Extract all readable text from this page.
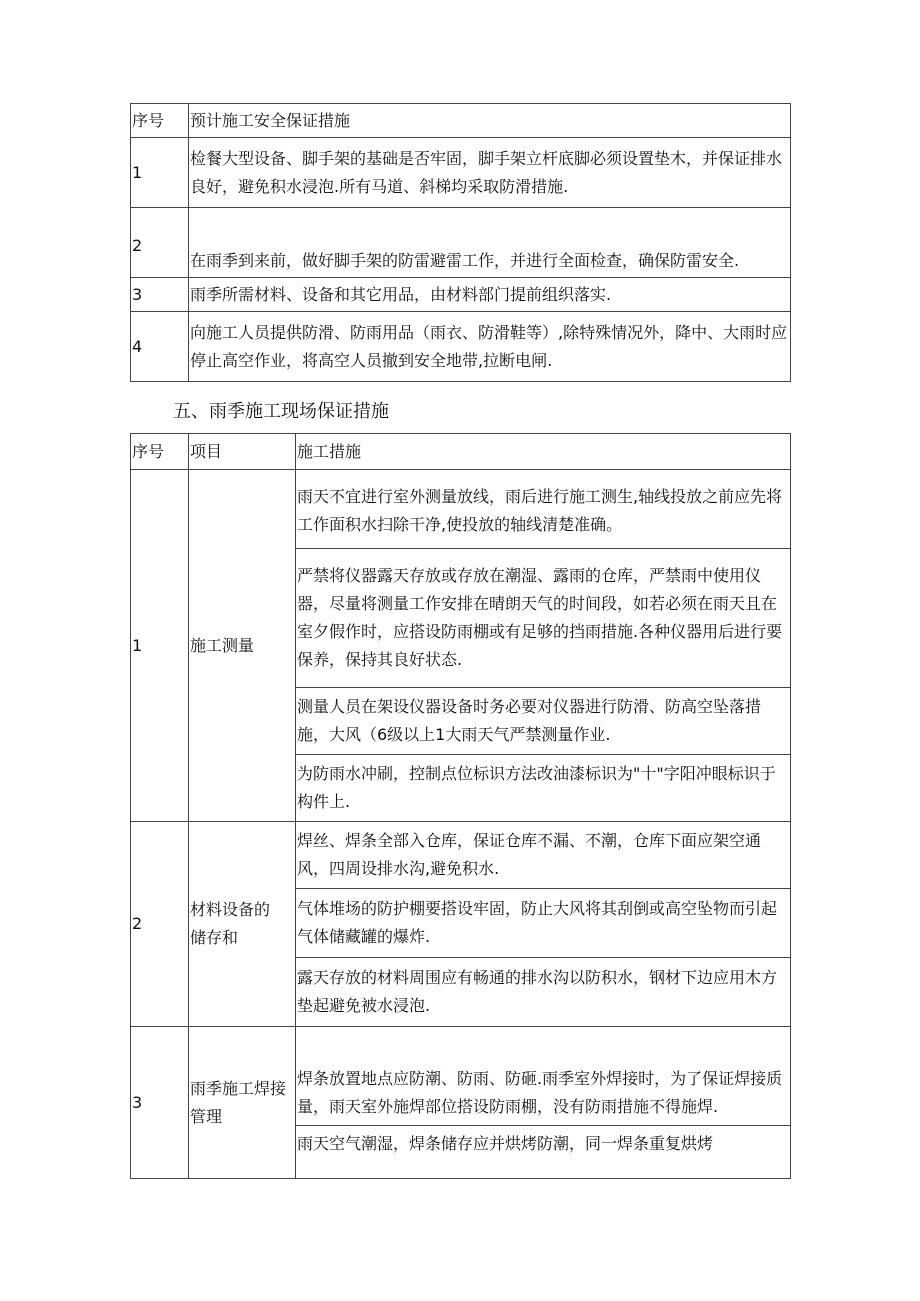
序号	预计施工安全保证措施
1	检餐大型设备、脚手架的基础是否牢固，脚手架立杆底脚必须设置垫木，并保证排水良好，避免积水浸泡.所有马道、斜梯均采取防滑措施.
2	在雨季到来前，做好脚手架的防雷避雷工作，并进行全面检查，确保防雷安全.
3	雨季所需材料、设备和其它用品，由材料部门提前组织落实.
4	向施工人员提供防滑、防雨用品（雨衣、防滑鞋等）,除特殊情况外，降中、大雨时应停止高空作业，将高空人员撤到安全地带,拉断电闸.
五、雨季施工现场保证措施
序号	项目	施工措施
1	施工测量	雨天不宜进行室外测量放线，雨后进行施工测生,轴线投放之前应先将工作面积水扫除干净,使投放的轴线清楚准确。
		严禁将仪器露天存放或存放在潮湿、露雨的仓库，严禁雨中使用仪器，尽量将测量工作安排在晴朗天气的时间段，如若必须在雨天且在室夕假作时，应搭设防雨棚或有足够的挡雨措施.各种仪器用后进行要保养，保持其良好状态.
		测量人员在架设仪器设备时务必要对仪器进行防滑、防高空坠落措施，大风（6级以上1大雨天气严禁测量作业.
		为防雨水冲刷，控制点位标识方法改油漆标识为"十"字阳冲眼标识于构件上.
2	材料设备的储存和	焊丝、焊条全部入仓库，保证仓库不漏、不潮，仓库下面应架空通风，四周设排水沟,避免积水.
		气体堆场的防护棚要搭设牢固，防止大风将其刮倒或高空坠物而引起气体储藏罐的爆炸.
		露天存放的材料周围应有畅通的排水沟以防积水，钢材下边应用木方垫起避免被水浸泡.
3	雨季施工焊接管理	焊条放置地点应防潮、防雨、防砸.雨季室外焊接时，为了保证焊接质量，雨天室外施焊部位搭设防雨棚，没有防雨措施不得施焊.
		雨天空气潮湿，焊条储存应并烘烤防潮，同一焊条重复烘烤
